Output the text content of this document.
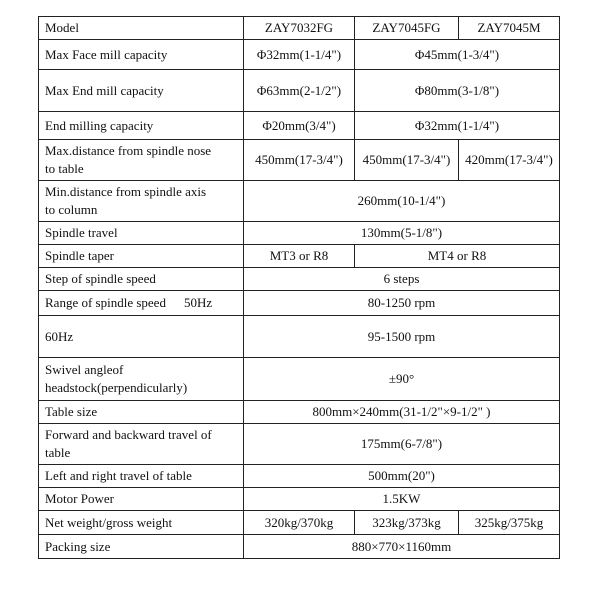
Model	ZAY7032FG	ZAY7045FG	ZAY7045M
Max Face mill capacity	Φ32mm(1-1/4")	Φ45mm(1-3/4")	
Max End mill capacity	Φ63mm(2-1/2")	Φ80mm(3-1/8")	
End milling capacity	Φ20mm(3/4")	Φ32mm(1-1/4")	

Max.distance from spindle nose
to table	450mm(17-3/4")	450mm(17-3/4")	420mm(17-3/4")

Min.distance from spindle axis
to column	260mm(10-1/4")		
Spindle travel	130mm(5-1/8")		
Spindle taper	MT3 or R8	MT4 or R8	
Step of spindle speed	6 steps		
Range of spindle speed 50Hz	80-1250 rpm		
60Hz	95-1500 rpm		

Swivel angleof
headstock(perpendicularly)	±90°		
Table size	800mm×240mm(31-1/2"×9-1/2" )		

Forward and backward travel of
table	175mm(6-7/8")		
Left and right travel of table	500mm(20")		
Motor Power	1.5KW		
Net weight/gross weight	320kg/370kg	323kg/373kg	325kg/375kg
Packing size	880×770×1160mm		
